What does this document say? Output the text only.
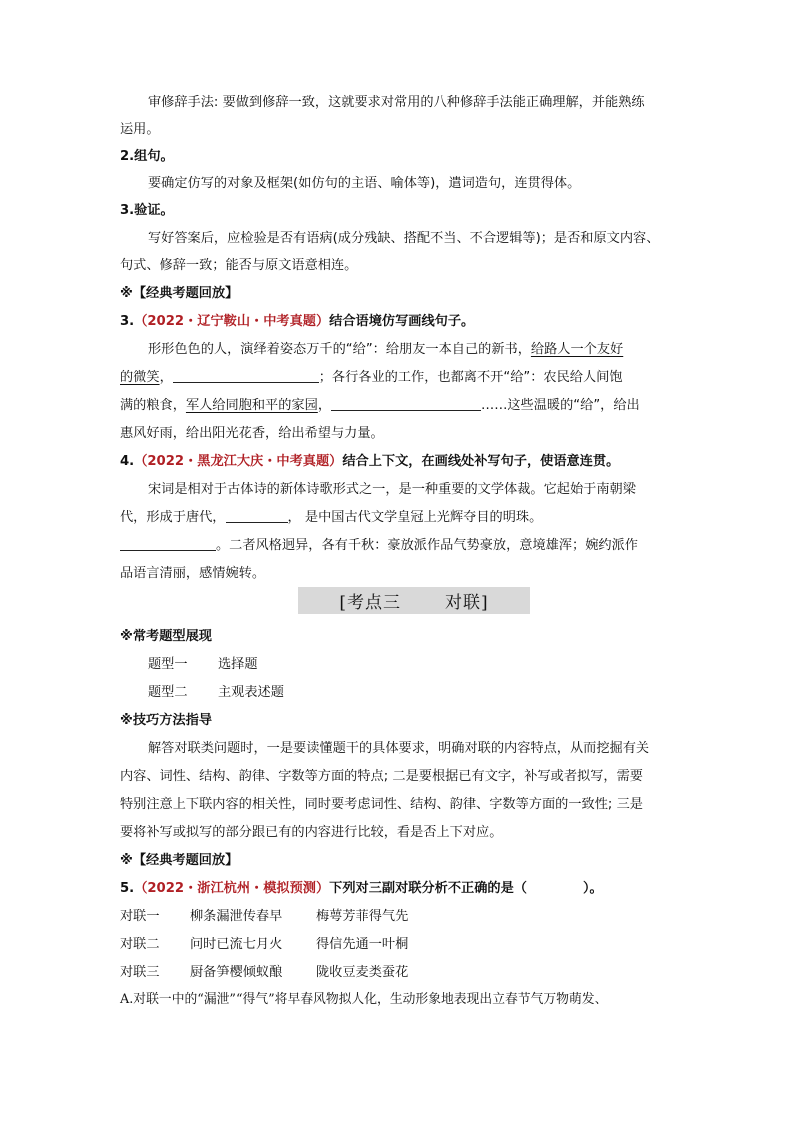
审修辞手法: 要做到修辞一致，这就要求对常用的八种修辞手法能正确理解，并能熟练
运用。
2.组句。
要确定仿写的对象及框架(如仿句的主语、喻体等)，遣词造句，连贯得体。
3.验证。
写好答案后，应检验是否有语病(成分残缺、搭配不当、不合逻辑等)；是否和原文内容、
句式、修辞一致；能否与原文语意相连。
※【经典考题回放】
3.（2022・辽宁鞍山・中考真题）结合语境仿写画线句子。
形形色色的人，演绎着姿态万千的“给”：给朋友一本自己的新书，给路人一个友好
的微笑，	；各行各业的工作，也都离不开“给”：农民给人间饱
满的粮食，军人给同胞和平的家园，	……这些温暖的“给”，给出
惠风好雨，给出阳光花香，给出希望与力量。
4.（2022・黑龙江大庆・中考真题）结合上下文，在画线处补写句子，使语意连贯。
宋词是相对于古体诗的新体诗歌形式之一，是一种重要的文学体裁。它起始于南朝梁
代，形成于唐代，	， 是中国古代文学皇冠上光辉夺目的明珠。
。二者风格迥异，各有千秋：豪放派作品气势豪放，意境雄浑；婉约派作
品语言清丽，感情婉转。
[考点三	对联]
※常考题型展现
题型一 选择题
题型二 主观表述题
※技巧方法指导
解答对联类问题时，一是要读懂题干的具体要求，明确对联的内容特点，从而挖掘有关
内容、词性、结构、韵律、字数等方面的特点; 二是要根据已有文字，补写或者拟写，需要
特别注意上下联内容的相关性，同时要考虑词性、结构、韵律、字数等方面的一致性; 三是
要将补写或拟写的部分跟已有的内容进行比较，看是否上下对应。
※【经典考题回放】
5.（2022・浙江杭州・模拟预测）下列对三副对联分析不正确的是（	）。
对联一 柳条漏泄传春早	梅萼芳菲得气先
对联二 问时已流七月火	得信先通一叶桐
对联三 厨备笋樱倾蚁酿	陇收豆麦类蚕花
A.对联一中的“漏泄”“得气”将早春风物拟人化，生动形象地表现出立春节气万物萌发、
